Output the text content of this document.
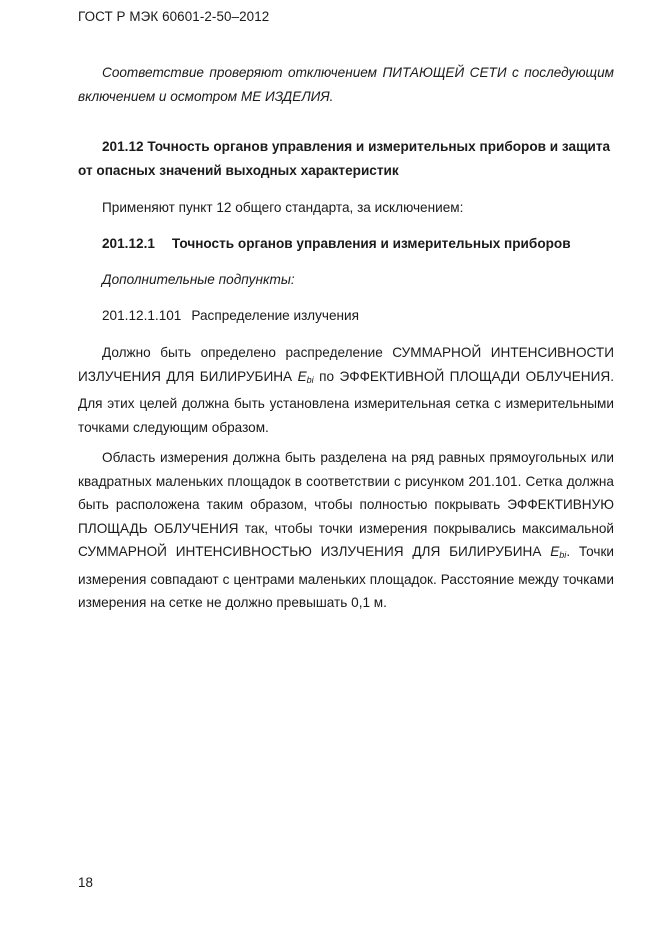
ГОСТ Р МЭК 60601-2-50–2012

Соответствие проверяют отключением ПИТАЮЩЕЙ СЕТИ с последующим включением и осмотром МЕ ИЗДЕЛИЯ.

201.12 Точность органов управления и измерительных приборов и защита от опасных значений выходных характеристик

Применяют пункт 12 общего стандарта, за исключением:

201.12.1 Точность органов управления и измерительных приборов

Дополнительные подпункты:

201.12.1.101 Распределение излучения

Должно быть определено распределение СУММАРНОЙ ИНТЕНСИВНОСТИ ИЗЛУЧЕНИЯ ДЛЯ БИЛИРУБИНА $E_{bi}$ по ЭФФЕКТИВНОЙ ПЛОЩАДИ ОБЛУЧЕНИЯ. Для этих целей должна быть установлена измерительная сетка с измерительными точками следующим образом.

Область измерения должна быть разделена на ряд равных прямоугольных или квадратных маленьких площадок в соответствии с рисунком 201.101. Сетка должна быть расположена таким образом, чтобы полностью покрывать ЭФФЕКТИВНУЮ ПЛОЩАДЬ ОБЛУЧЕНИЯ так, чтобы точки измерения покрывались максимальной СУММАРНОЙ ИНТЕНСИВНОСТЬЮ ИЗЛУЧЕНИЯ ДЛЯ БИЛИРУБИНА $E_{bi}$. Точки измерения совпадают с центрами маленьких площадок. Расстояние между точками измерения на сетке не должно превышать 0,1 м.

18
